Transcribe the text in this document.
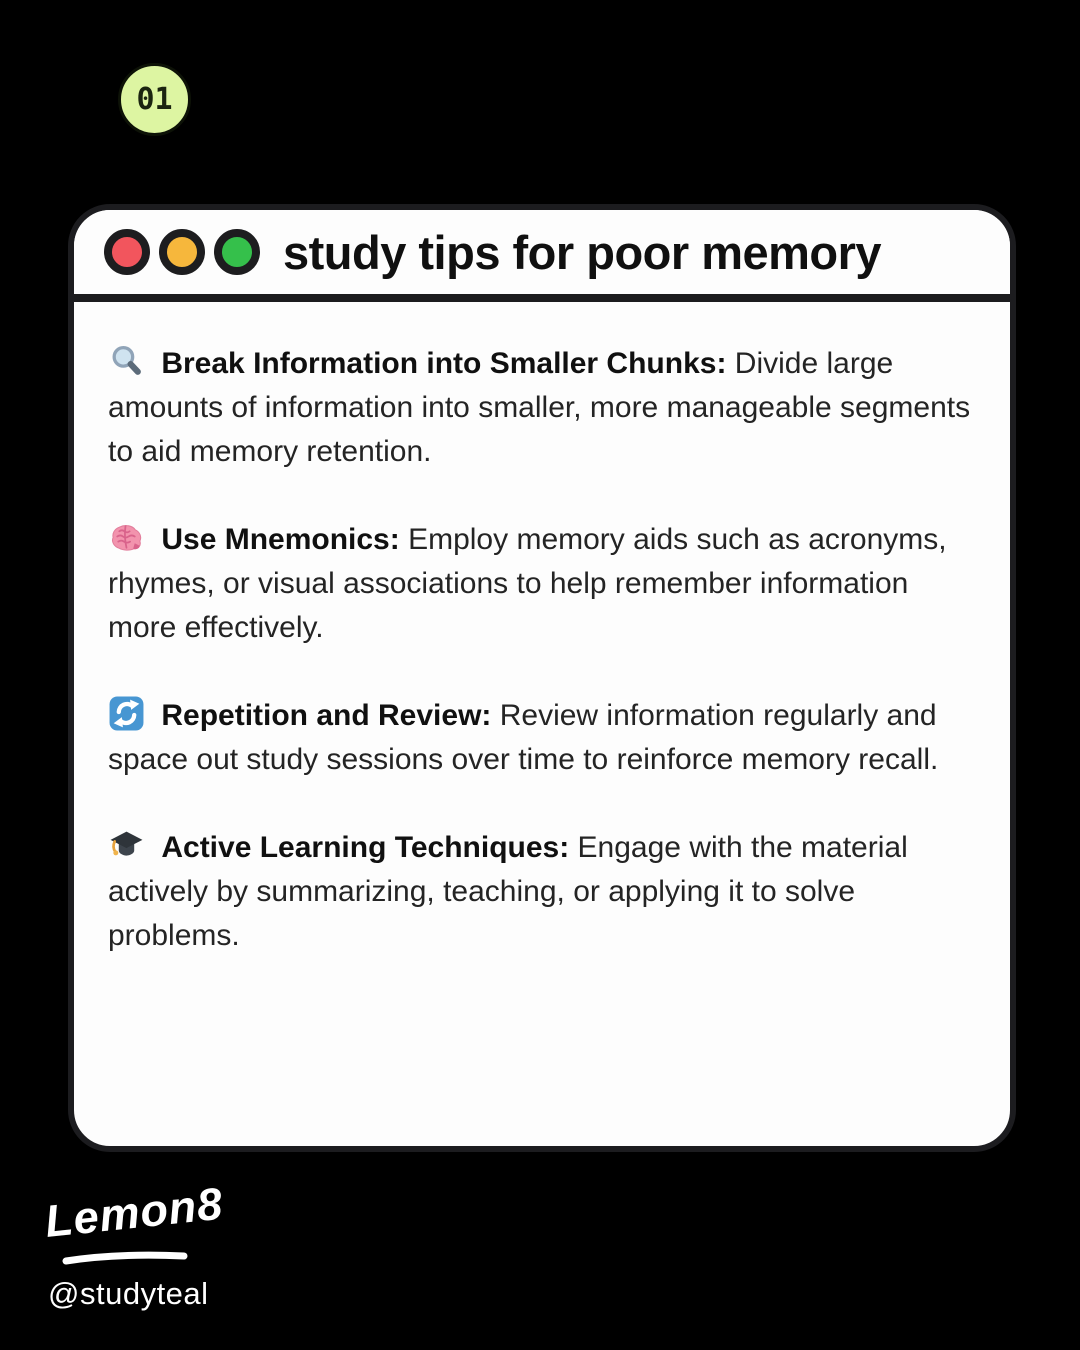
01
study tips for poor memory

Break Information into Smaller Chunks: Divide large amounts of information into smaller, more manageable segments to aid memory retention.

Use Mnemonics: Employ memory aids such as acronyms, rhymes, or visual associations to help remember information more effectively.

Repetition and Review: Review information regularly and space out study sessions over time to reinforce memory recall.

Active Learning Techniques: Engage with the material actively by summarizing, teaching, or applying it to solve problems.

Lemon8
@studyteal
